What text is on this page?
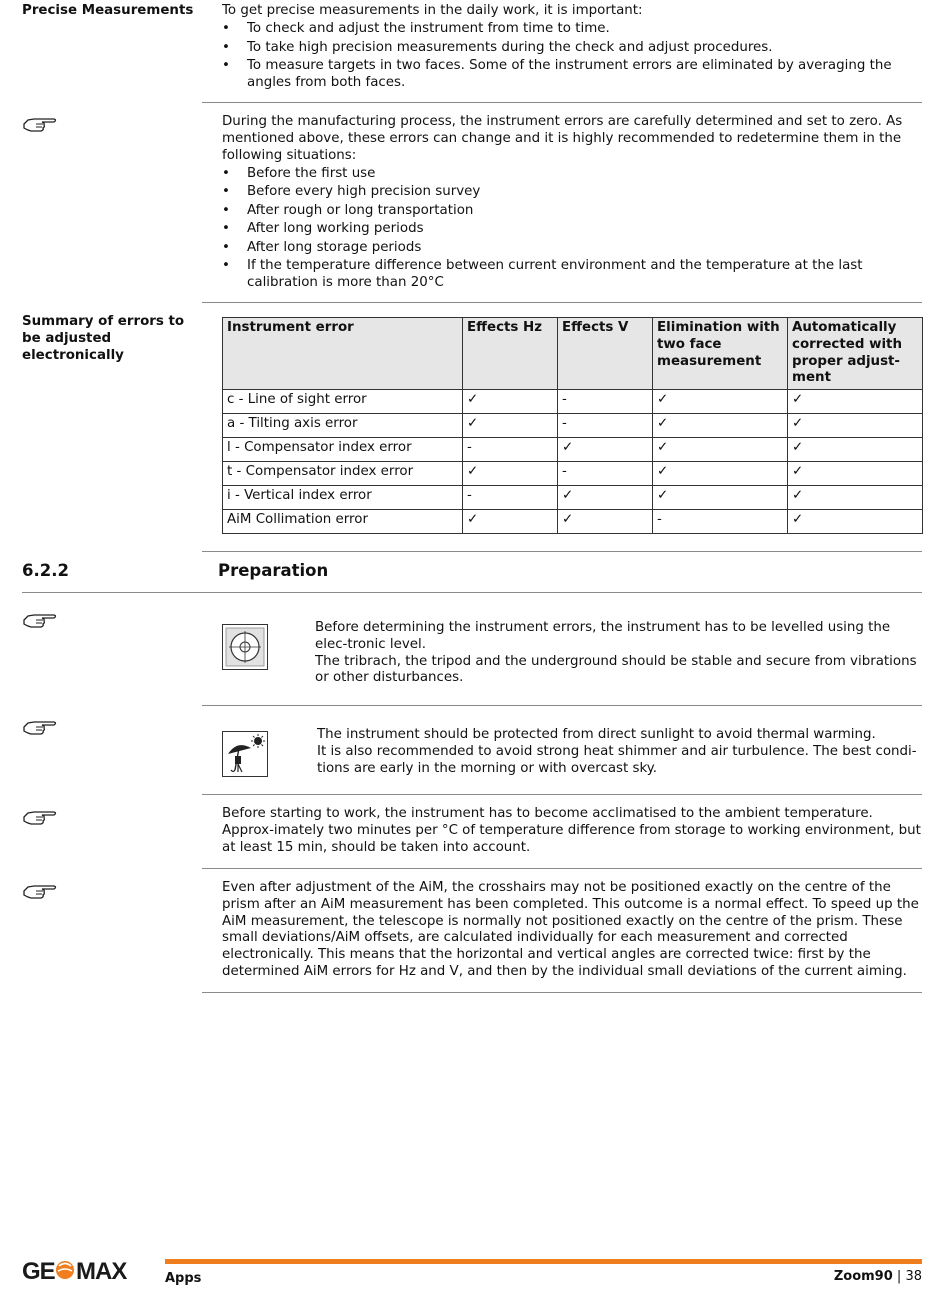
Precise Measurements	To get precise measurements in the daily work, it is important:

• To check and adjust the instrument from time to time.
• To take high precision measurements during the check and adjust procedures.
• To measure targets in two faces. Some of the instrument errors are eliminated by averaging the angles from both faces.

During the manufacturing process, the instrument errors are carefully determined and set to zero. As mentioned above, these errors can change and it is highly recommended to redetermine them in the following situations:

• Before the first use
• Before every high precision survey
• After rough or long transportation
• After long working periods
• After long storage periods
• If the temperature difference between current environment and the temperature at the last calibration is more than 20°C
Summary of errors to be adjusted electronically
Instrument error	Effects Hz	Effects V	Elimination with two face measurement	Automatically corrected with proper adjust-ment
c - Line of sight error	✓	-	✓	✓
a - Tilting axis error	✓	-	✓	✓
l - Compensator index error	-	✓	✓	✓
t - Compensator index error	✓	-	✓	✓
i - Vertical index error	-	✓	✓	✓
AiM Collimation error	✓	✓	-	✓
6.2.2	Preparation

Before determining the instrument errors, the instrument has to be levelled using the elec-tronic level.

The tribrach, the tripod and the underground should be stable and secure from vibrations or other disturbances.

The instrument should be protected from direct sunlight to avoid thermal warming.

It is also recommended to avoid strong heat shimmer and air turbulence. The best condi-tions are early in the morning or with overcast sky.

Before starting to work, the instrument has to become acclimatised to the ambient temperature. Approx-imately two minutes per °C of temperature difference from storage to working environment, but at least 15 min, should be taken into account.
Even after adjustment of the AiM, the crosshairs may not be positioned exactly on the centre of the prism after an AiM measurement has been completed. This outcome is a normal effect. To speed up the AiM measurement, the telescope is normally not positioned exactly on the centre of the prism. These small deviations/AiM offsets, are calculated individually for each measurement and corrected electronically. This means that the horizontal and vertical angles are corrected twice: first by the determined AiM errors for Hz and V, and then by the individual small deviations of the current aiming.
GE MAX	Apps	Zoom90 | 38
